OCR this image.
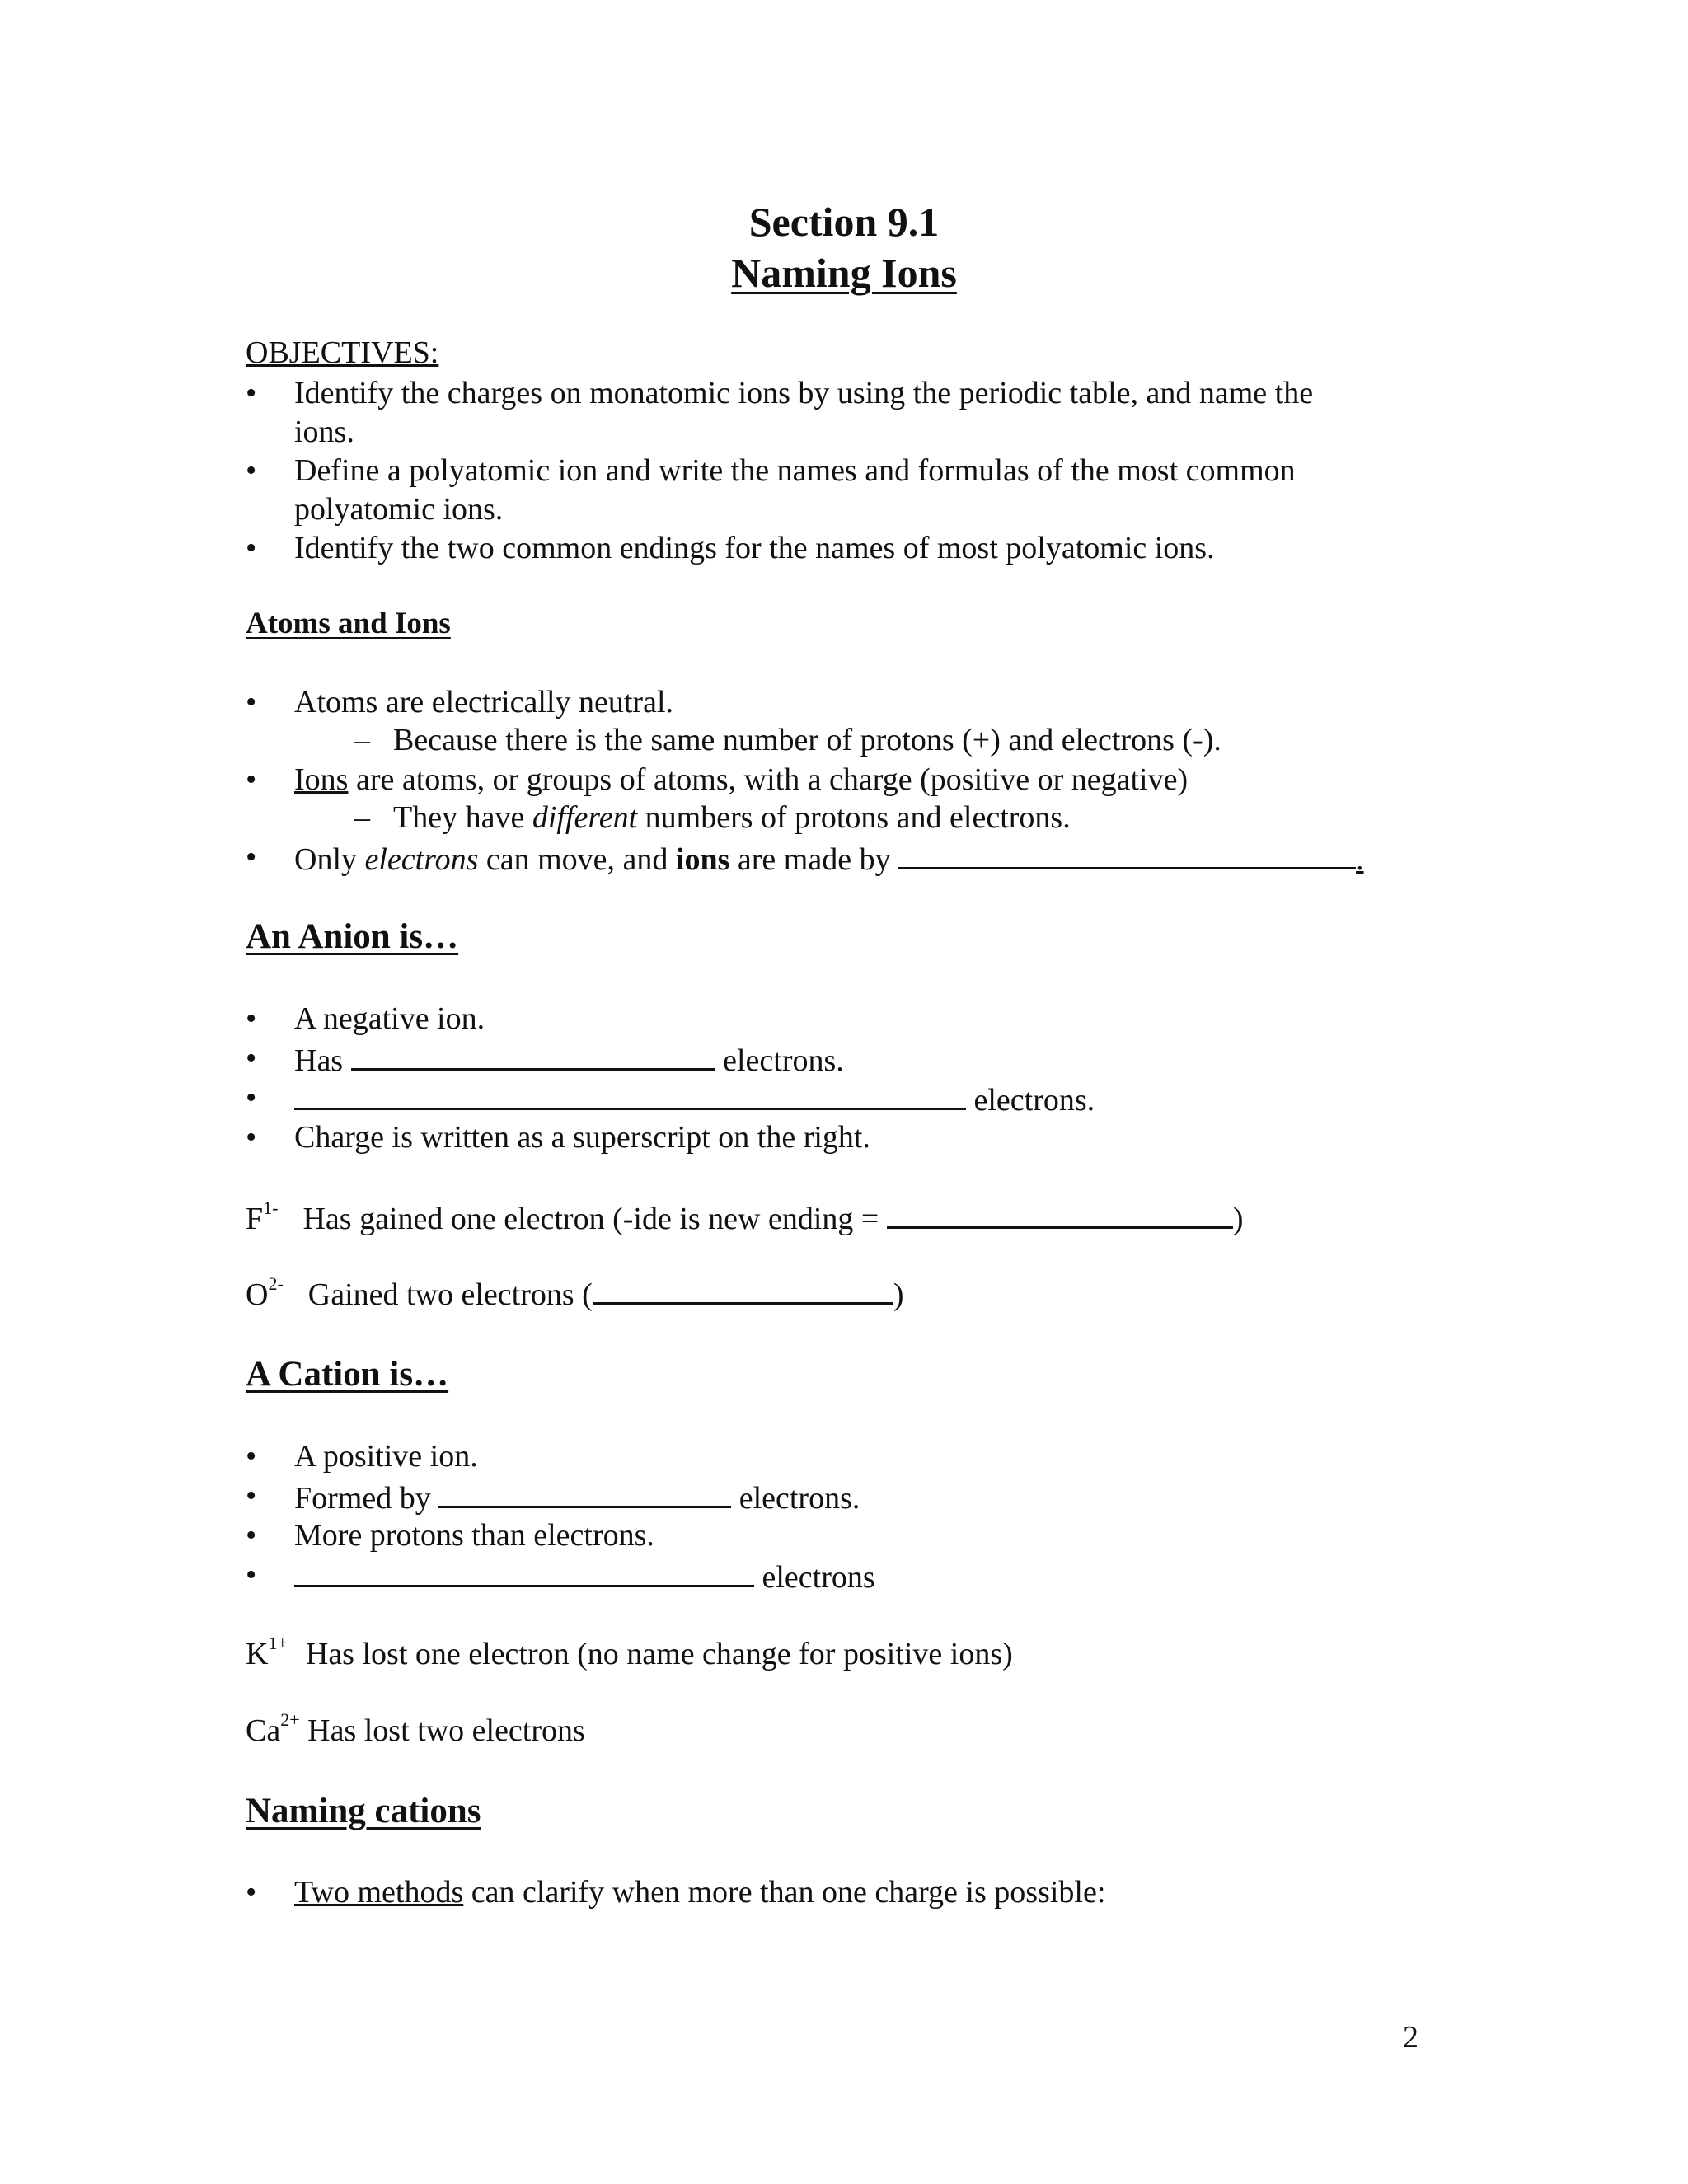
Section 9.1
Naming Ions
OBJECTIVES:
• Identify the charges on monatomic ions by using the periodic table, and name the
ions.
• Define a polyatomic ion and write the names and formulas of the most common
polyatomic ions.
• Identify the two common endings for the names of most polyatomic ions.
Atoms and Ions
• Atoms are electrically neutral.
– Because there is the same number of protons (+) and electrons (-).
• Ions are atoms, or groups of atoms, with a charge (positive or negative)
– They have different numbers of protons and electrons.
• Only electrons can move, and ions are made by	.
An Anion is…
• A negative ion.
• Has	electrons.
•	electrons.
• Charge is written as a superscript on the right.
$F^{1-}$ Has gained one electron (-ide is new ending =	)
$O^{2-}$ Gained two electrons (	)
A Cation is…
• A positive ion.
• Formed by	electrons.
• More protons than electrons.
•	electrons
$K^{1+}$ Has lost one electron (no name change for positive ions)
$Ca^{2+}$ Has lost two electrons
Naming cations
• Two methods can clarify when more than one charge is possible:
2
